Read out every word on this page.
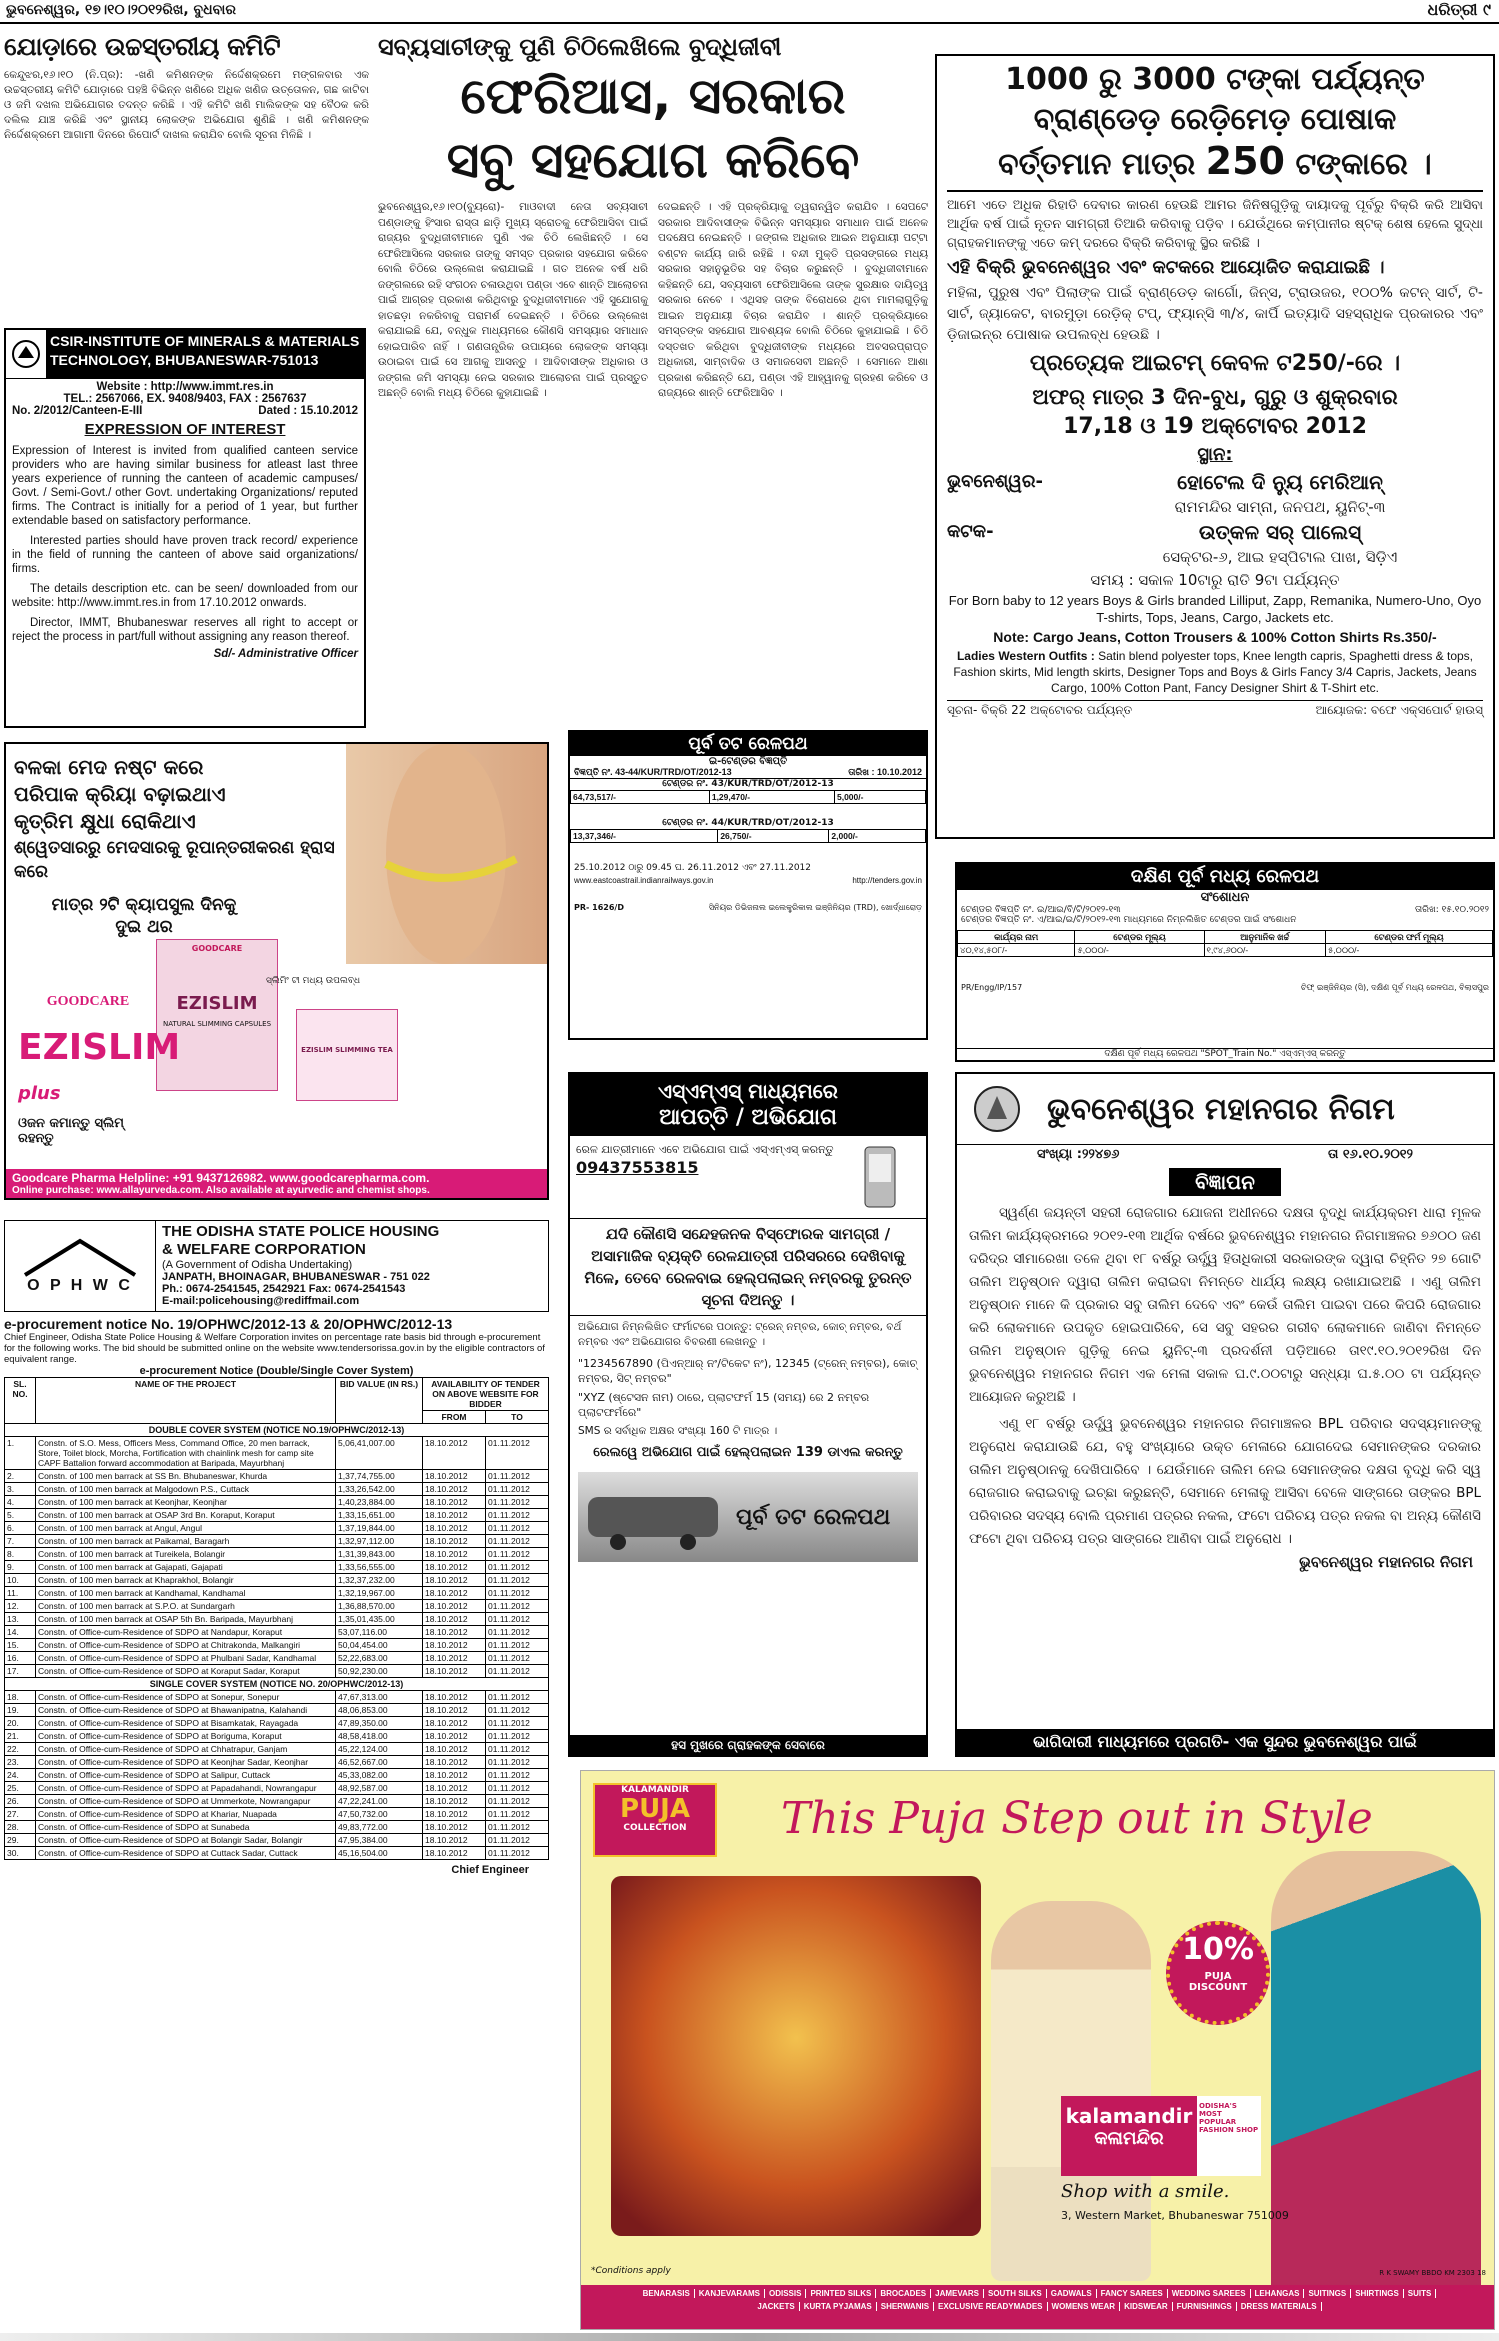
ଭୁବନେଶ୍ୱର, ୧୭।୧୦।୨୦୧୨ରିଖ, ବୁଧବାର	ଧରିତ୍ରୀ ୯
ଯୋଡ଼ାରେ ଉଚ୍ଚସ୍ତରୀୟ କମିଟି
କେନ୍ଦୁଝର,୧୬।୧୦ (ନି.ପ୍ର): -ଖଣି କମିଶନଙ୍କ ନିର୍ଦ୍ଦେଶକ୍ରମେ ମଙ୍ଗଳବାର ଏକ ଉଚ୍ଚସ୍ତରୀୟ କମିଟି ଯୋଡ଼ାରେ ପହଞ୍ଚି ବିଭିନ୍ନ ଖଣିରେ ଅଧିକ ଖଣିଜ ଉତ୍ତୋଳନ, ଗଛ କାଟିବା ଓ ଜମି ଦଖଲ ଅଭିଯୋଗର ତଦନ୍ତ କରିଛି । ଏହି କମିଟି ଖଣି ମାଲିକଙ୍କ ସହ ବୈଠକ କରି ଦଲିଲ ଯାଞ୍ଚ କରିଛି ଏବଂ ସ୍ଥାନୀୟ ଲୋକଙ୍କ ଅଭିଯୋଗ ଶୁଣିଛି । ଖଣି କମିଶନଙ୍କ ନିର୍ଦ୍ଦେଶକ୍ରମେ ଆଗାମୀ ଦିନରେ ରିପୋର୍ଟ ଦାଖଲ କରାଯିବ ବୋଲି ସୂଚନା ମିଳିଛି ।
CSIR-INSTITUTE OF MINERALS & MATERIALS
TECHNOLOGY, BHUBANESWAR-751013
Website : http://www.immt.res.in
TEL.: 2567066, EX. 9408/9403, FAX : 2567637
No. 2/2012/Canteen-E-III	Dated : 15.10.2012
EXPRESSION OF INTEREST

Expression of Interest is invited from qualified canteen service providers who are having similar business for atleast last three years experience of running the canteen of academic campuses/ Govt. / Semi-Govt./ other Govt. undertaking Organizations/ reputed firms. The Contract is initially for a period of 1 year, but further extendable based on satisfactory performance.

Interested parties should have proven track record/ experience in the field of running the canteen of above said organizations/ firms.

The details description etc. can be seen/ downloaded from our website: http://www.immt.res.in from 17.10.2012 onwards.

Director, IMMT, Bhubaneswar reserves all right to accept or reject the process in part/full without assigning any reason thereof.

Sd/- Administrative Officer
ସବ୍ୟସାଚୀଙ୍କୁ ପୁଣି ଚିଠିଲେଖିଲେ ବୁଦ୍ଧିଜୀବୀ
ଫେରିଆସ, ସରକାର
ସବୁ ସହଯୋଗ କରିବେ
ଭୁବନେଶ୍ୱର,୧୬।୧୦(ବ୍ୟୁରୋ)- ମାଓବାଦୀ ନେତା ସବ୍ୟସାଚୀ ପଣ୍ଡାଙ୍କୁ ହିଂସାର ରାସ୍ତା ଛାଡ଼ି ମୁଖ୍ୟ ସ୍ରୋତକୁ ଫେରିଆସିବା ପାଇଁ ରାଜ୍ୟର ବୁଦ୍ଧିଜୀବୀମାନେ ପୁଣି ଏକ ଚିଠି ଲେଖିଛନ୍ତି । ସେ ଫେରିଆସିଲେ ସରକାର ତାଙ୍କୁ ସମସ୍ତ ପ୍ରକାର ସହଯୋଗ କରିବେ ବୋଲି ଚିଠିରେ ଉଲ୍ଲେଖ କରାଯାଇଛି । ଗତ ଅନେକ ବର୍ଷ ଧରି ଜଙ୍ଗଲରେ ରହି ସଂଗଠନ ଚଳାଉଥିବା ପଣ୍ଡା ଏବେ ଶାନ୍ତି ଆଲୋଚନା ପାଇଁ ଆଗ୍ରହ ପ୍ରକାଶ କରିଥିବାରୁ ବୁଦ୍ଧିଜୀବୀମାନେ ଏହି ସୁଯୋଗକୁ ହାତଛଡ଼ା ନକରିବାକୁ ପରାମର୍ଶ ଦେଇଛନ୍ତି । ଚିଠିରେ ଉଲ୍ଲେଖ କରାଯାଇଛି ଯେ, ବନ୍ଧୁକ ମାଧ୍ୟମରେ କୌଣସି ସମସ୍ୟାର ସମାଧାନ ହୋଇପାରିବ ନାହିଁ । ଗଣତାନ୍ତ୍ରିକ ଉପାୟରେ ଲୋକଙ୍କ ସମସ୍ୟା ଉଠାଇବା ପାଇଁ ସେ ଆଗକୁ ଆସନ୍ତୁ । ଆଦିବାସୀଙ୍କ ଅଧିକାର ଓ ଜଙ୍ଗଲ ଜମି ସମସ୍ୟା ନେଇ ସରକାର ଆଲୋଚନା ପାଇଁ ପ୍ରସ୍ତୁତ ଅଛନ୍ତି ବୋଲି ମଧ୍ୟ ଚିଠିରେ କୁହାଯାଇଛି ।
ଦେଇଛନ୍ତି । ଏହି ପ୍ରକ୍ରିୟାକୁ ତ୍ୱରାନ୍ୱିତ କରାଯିବ । ସେପଟେ ସରକାର ଆଦିବାସୀଙ୍କ ବିଭିନ୍ନ ସମସ୍ୟାର ସମାଧାନ ପାଇଁ ଅନେକ ପଦକ୍ଷେପ ନେଇଛନ୍ତି । ଜଙ୍ଗଲ ଅଧିକାର ଆଇନ ଅନୁଯାୟୀ ପଟ୍ଟା ବଣ୍ଟନ କାର୍ଯ୍ୟ ଜାରି ରହିଛି । ବନ୍ଦୀ ମୁକ୍ତି ପ୍ରସଙ୍ଗରେ ମଧ୍ୟ ସରକାର ସହାନୁଭୂତିର ସହ ବିଚାର କରୁଛନ୍ତି । ବୁଦ୍ଧିଜୀବୀମାନେ କହିଛନ୍ତି ଯେ, ସବ୍ୟସାଚୀ ଫେରିଆସିଲେ ତାଙ୍କ ସୁରକ୍ଷାର ଦାୟିତ୍ୱ ସରକାର ନେବେ । ଏଥିସହ ତାଙ୍କ ବିରୋଧରେ ଥିବା ମାମଲାଗୁଡ଼ିକୁ ଆଇନ ଅନୁଯାୟୀ ବିଚାର କରାଯିବ । ଶାନ୍ତି ପ୍ରକ୍ରିୟାରେ ସମସ୍ତଙ୍କ ସହଯୋଗ ଆବଶ୍ୟକ ବୋଲି ଚିଠିରେ କୁହାଯାଇଛି । ଚିଠି ଦସ୍ତଖତ କରିଥିବା ବୁଦ୍ଧିଜୀବୀଙ୍କ ମଧ୍ୟରେ ଅବସରପ୍ରାପ୍ତ ଅଧିକାରୀ, ସାମ୍ବାଦିକ ଓ ସମାଜସେବୀ ଅଛନ୍ତି । ସେମାନେ ଆଶା ପ୍ରକାଶ କରିଛନ୍ତି ଯେ, ପଣ୍ଡା ଏହି ଆହ୍ୱାନକୁ ଗ୍ରହଣ କରିବେ ଓ ରାଜ୍ୟରେ ଶାନ୍ତି ଫେରିଆସିବ ।
1000 ରୁ 3000 ଟଙ୍କା ପର୍ଯ୍ୟନ୍ତ
ବ୍ରାଣ୍ଡେଡ଼ ରେଡ଼ିମେଡ଼ ପୋଷାକ
ବର୍ତ୍ତମାନ ମାତ୍ର 250 ଟଙ୍କାରେ ।
ଆମେ ଏତେ ଅଧିକ ରିହାତି ଦେବାର କାରଣ ହେଉଛି ଆମର ଜିନିଷଗୁଡ଼ିକୁ ଦାୟାଦକୁ ପୂର୍ବରୁ ବିକ୍ରି କରି ଆସିବା ଆର୍ଥିକ ବର୍ଷ ପାଇଁ ନୂତନ ସାମଗ୍ରୀ ତିଆରି କରିବାକୁ ପଡ଼ିବ । ଯେଉଁଥିରେ କମ୍ପାନୀର ଷ୍ଟକ୍ ଶେଷ ହେଲେ ସୁଦ୍ଧା ଗ୍ରାହକମାନଙ୍କୁ ଏତେ କମ୍ ଦରରେ ବିକ୍ରି କରିବାକୁ ସ୍ଥିର କରିଛି ।
ଏହି ବିକ୍ରି ଭୁବନେଶ୍ୱର ଏବଂ କଟକରେ ଆୟୋଜିତ କରାଯାଇଛି ।
ମହିଳା, ପୁରୁଷ ଏବଂ ପିଲାଙ୍କ ପାଇଁ ବ୍ରାଣ୍ଡେଡ଼ କାର୍ଗୋ, ଜିନ୍ସ, ଟ୍ରାଉଜର, ୧୦୦% କଟନ୍ ସାର୍ଟ, ଟି-ସାର୍ଟ, ଜ୍ୟାକେଟ, ବାରମୁଡ଼ା ରେଡ଼ିକ୍ ଟପ୍, ଫ୍ୟାନ୍ସି ୩/୪, କାର୍ପି ଇତ୍ୟାଦି ସହସ୍ରାଧିକ ପ୍ରକାରର ଏବଂ ଡ଼ିଜାଇନ୍‌ର ପୋଷାକ ଉପଲବ୍ଧ ହେଉଛି ।
ପ୍ରତ୍ୟେକ ଆଇଟମ୍ କେବଳ ଟ250/-ରେ ।
ଅଫର୍ ମାତ୍ର 3 ଦିନ-ବୁଧ, ଗୁରୁ ଓ ଶୁକ୍ରବାର
17,18 ଓ 19 ଅକ୍ଟୋବର 2012
ସ୍ଥାନ:
ଭୁବନେଶ୍ୱର-	ହୋଟେଲ ଦି ନ୍ୟୁ ମେରିଆନ୍
ରାମମନ୍ଦିର ସାମ୍ନା, ଜନପଥ, ୟୁନିଟ୍-୩
କଟକ-	ଉତ୍କଳ ସର୍ ପାଲେସ୍
ସେକ୍ଟର-୬, ଆଇ ହସ୍ପିଟାଲ ପାଖ, ସିଡ଼ିଏ
ସମୟ : ସକାଳ 10ଟାରୁ ରାତି 9ଟା ପର୍ଯ୍ୟନ୍ତ
For Born baby to 12 years Boys & Girls branded Lilliput, Zapp, Remanika, Numero-Uno, Oyo T-shirts, Tops, Jeans, Cargo, Jackets etc.
Note: Cargo Jeans, Cotton Trousers & 100% Cotton Shirts Rs.350/-
Ladies Western Outfits : Satin blend polyester tops, Knee length capris, Spaghetti dress & tops, Fashion skirts, Mid length skirts, Designer Tops and Boys & Girls Fancy 3/4 Capris, Jackets, Jeans Cargo, 100% Cotton Pant, Fancy Designer Shirt & T-Shirt etc.
ସୂଚନା- ବିକ୍ରି 22 ଅକ୍ଟୋବର ପର୍ଯ୍ୟନ୍ତ	ଆୟୋଜକ: ବଫେ ଏକ୍ସପୋର୍ଟ ହାଉସ୍
ବଳକା ମେଦ ନଷ୍ଟ କରେ
ପରିପାକ କ୍ରିୟା ବଢ଼ାଇଥାଏ
କୃତ୍ରିମ କ୍ଷୁଧା ରୋକିଥାଏ
ଶ୍ୱେତସାରରୁ ମେଦସାରକୁ ରୂପାନ୍ତରୀକରଣ ହ୍ରାସ କରେ
ମାତ୍ର ୨ଟି କ୍ୟାପସୁଲ ଦିନକୁ ଦୁଇ ଥର
GOODCARE
EZISLIM
NATURAL SLIMMING CAPSULES
EZISLIM SLIMMING TEA
ସ୍ଲିମିଂ ଟୀ ମଧ୍ୟ ଉପଲବ୍ଧ
GOODCARE
EZISLIM plus
ଓଜନ କମାନ୍ତୁ ସ୍ଲିମ୍ ରହନ୍ତୁ
Goodcare Pharma Helpline: +91 9437126982. www.goodcarepharma.com.
Online purchase: www.allayurveda.com. Also available at ayurvedic and chemist shops.
ପୂର୍ବ ତଟ ରେଳପଥ
ଇ-ଟେଣ୍ଡର ବିଜ୍ଞପ୍ତି
ବିଜ୍ଞପ୍ତି ନଂ. 43-44/KUR/TRD/OT/2012-13	ତାରିଖ : 10.10.2012
ଟେଣ୍ଡର ନଂ. 43/KUR/TRD/OT/2012-13
64,73,517/-	1,29,470/-	5,000/-
ଟେଣ୍ଡର ନଂ. 44/KUR/TRD/OT/2012-13
13,37,346/-	26,750/-	2,000/-
25.10.2012 ଠାରୁ 09.45 ଘ. 26.11.2012 ଏବଂ 27.11.2012
www.eastcoastrail.indianrailways.gov.in	http://tenders.gov.in
PR- 1626/D	ସିନିୟର ଡିଭିଜନାଲ ଇଲେକ୍ଟ୍ରିକାଲ ଇଞ୍ଜିନିୟର (TRD), ଖୋର୍ଦ୍ଧାରୋଡ଼
ଦକ୍ଷିଣ ପୂର୍ବ ମଧ୍ୟ ରେଳପଥ
ସଂଶୋଧନ
ଟେଣ୍ଡର ବିଜ୍ଞପ୍ତି ନଂ. ଇ/ଆଇ/ବି/ଟି/୨୦୧୨-୧୩	ତାରିଖ: ୧୫.୧୦.୨୦୧୨
ଟେଣ୍ଡର ବିଜ୍ଞପ୍ତି ନଂ. ଏ/ଆଇ/ଇ/ଟି/୨୦୧୨-୧୩ ମାଧ୍ୟମରେ ନିମ୍ନଲିଖିତ ଟେଣ୍ଡର ପାଇଁ ସଂଶୋଧନ
କାର୍ଯ୍ୟର ନାମ	ଟେଣ୍ଡର ମୂଲ୍ୟ	ଆନୁମାନିକ ଖର୍ଚ୍ଚ	ଟେଣ୍ଡର ଫର୍ମ ମୂଲ୍ୟ
୪୦,୧୪,୫୦୮/-	୫,୦୦୦/-	୧,୯୪,୬୦୦/-	୫,୦୦୦/-
PR/Engg/IP/157	ଚିଫ୍ ଇଞ୍ଜିନିୟର (ସି), ଦକ୍ଷିଣ ପୂର୍ବ ମଧ୍ୟ ରେଳପଥ, ବିଲାସପୁର
ଦକ୍ଷିଣ ପୂର୍ବ ମଧ୍ୟ ରେଳପଥ "SPOT_Train No." ଏସ୍‌ଏମ୍‌ଏସ୍ କରନ୍ତୁ
ଏସ୍‌ଏମ୍‌ଏସ୍ ମାଧ୍ୟମରେ
ଆପତ୍ତି / ଅଭିଯୋଗ
ରେଳ ଯାତ୍ରୀମାନେ ଏବେ ଅଭିଯୋଗ ପାଇଁ ଏସ୍‌ଏମ୍‌ଏସ୍ କରନ୍ତୁ
09437553815
ଯଦି କୌଣସି ସନ୍ଦେହଜନକ ବିସ୍ଫୋରକ ସାମଗ୍ରୀ / ଅସାମାଜିକ ବ୍ୟକ୍ତି ରେଳଯାତ୍ରୀ ପରିସରରେ ଦେଖିବାକୁ ମିଳେ, ତେବେ ରେଳବାଇ ହେଲ୍ପଲାଇନ୍ ନମ୍ବରକୁ ତୁରନ୍ତ ସୂଚନା ଦିଅନ୍ତୁ ।
ଅଭିଯୋଗ ନିମ୍ନଲିଖିତ ଫର୍ମାଟରେ ପଠାନ୍ତୁ: ଟ୍ରେନ୍ ନମ୍ବର, କୋଚ୍ ନମ୍ବର, ବର୍ଥ ନମ୍ବର ଏବଂ ଅଭିଯୋଗର ବିବରଣୀ ଲେଖନ୍ତୁ ।
"1234567890 (ପିଏନ୍‌ଆର୍ ନଂ/ଟିକେଟ ନଂ), 12345 (ଟ୍ରେନ୍ ନମ୍ବର), କୋଚ୍ ନମ୍ବର, ସିଟ୍ ନମ୍ବର"
"XYZ (ଷ୍ଟେସନ ନାମ) ଠାରେ, ପ୍ଲାଟଫର୍ମ 15 (ସମୟ) ରେ 2 ନମ୍ବର ପ୍ଲାଟଫର୍ମରେ"
SMS ର ସର୍ବାଧିକ ଅକ୍ଷର ସଂଖ୍ୟା 160 ଟି ମାତ୍ର ।
ରେଲୱେ ଅଭିଯୋଗ ପାଇଁ ହେଲ୍ପଲାଇନ 139 ଡାଏଲ କରନ୍ତୁ
ପୂର୍ବ ତଟ ରେଳପଥ
ହସ ମୁଖରେ ଗ୍ରାହକଙ୍କ ସେବାରେ
ଭୁବନେଶ୍ୱର ମହାନଗର ନିଗମ
ସଂଖ୍ୟା :୨୨୪୭୬	ତା ୧୬.୧୦.୨୦୧୨
ବିଜ୍ଞାପନ
ସ୍ୱର୍ଣ୍ଣ ଜୟନ୍ତୀ ସହରୀ ରୋଜଗାର ଯୋଜନା ଅଧୀନରେ ଦକ୍ଷତା ବୃଦ୍ଧି କାର୍ଯ୍ୟକ୍ରମ ଧାରା ମୂଳକ ତାଲିମ କାର୍ଯ୍ୟକ୍ରମରେ ୨୦୧୨-୧୩ ଆର୍ଥିକ ବର୍ଷରେ ଭୁବନେଶ୍ୱର ମହାନଗର ନିଗମାଞ୍ଚଳର ୭୬୦୦ ଜଣ ଦରିଦ୍ର ସୀମାରେଖା ତଳେ ଥିବା ୧୮ ବର୍ଷରୁ ଊର୍ଦ୍ଧ୍ୱ ହିତାଧିକାରୀ ସରକାରଙ୍କ ଦ୍ୱାରା ଚିହ୍ନିତ ୨୭ ଗୋଟି ତାଲିମ ଅନୁଷ୍ଠାନ ଦ୍ୱାରା ତାଲିମ କରାଇବା ନିମନ୍ତେ ଧାର୍ଯ୍ୟ ଲକ୍ଷ୍ୟ ରଖାଯାଇଅଛି । ଏଣୁ ତାଲିମ ଅନୁଷ୍ଠାନ ମାନେ କି ପ୍ରକାର ସବୁ ତାଲିମ ଦେବେ ଏବଂ କେଉଁ ତାଲିମ ପାଇବା ପରେ କିପରି ରୋଜଗାର କରି ଲୋକମାନେ ଉପକୃତ ହୋଇପାରିବେ, ସେ ସବୁ ସହରର ଗରୀବ ଲୋକମାନେ ଜାଣିବା ନିମନ୍ତେ ତାଲିମ ଅନୁଷ୍ଠାନ ଗୁଡ଼ିକୁ ନେଇ ୟୁନିଟ୍-୩ ପ୍ରଦର୍ଶନୀ ପଡ଼ିଆରେ ତା୧୯.୧୦.୨୦୧୨ରିଖ ଦିନ ଭୁବନେଶ୍ୱର ମହାନଗର ନିଗମ ଏକ ମେଳା ସକାଳ ଘ.୯.୦୦ଟାରୁ ସନ୍ଧ୍ୟା ଘ.୫.୦୦ ଟା ପର୍ଯ୍ୟନ୍ତ ଆୟୋଜନ କରୁଅଛି ।
ଏଣୁ ୧୮ ବର୍ଷରୁ ଊର୍ଦ୍ଧ୍ୱ ଭୁବନେଶ୍ୱର ମହାନଗର ନିଗମାଞ୍ଚଳର BPL ପରିବାର ସଦସ୍ୟମାନଙ୍କୁ ଅନୁରୋଧ କରାଯାଉଛି ଯେ, ବହୁ ସଂଖ୍ୟାରେ ଉକ୍ତ ମେଳାରେ ଯୋଗଦେଇ ସେମାନଙ୍କର ଦରକାର ତାଲିମ ଅନୁଷ୍ଠାନକୁ ଦେଖିପାରିବେ । ଯେଉଁମାନେ ତାଲିମ ନେଇ ସେମାନଙ୍କର ଦକ୍ଷତା ବୃଦ୍ଧି କରି ସ୍ୱ ରୋଜଗାର କରାଇବାକୁ ଇଚ୍ଛା କରୁଛନ୍ତି, ସେମାନେ ମେଳାକୁ ଆସିବା ବେଳେ ସାଙ୍ଗରେ ତାଙ୍କର BPL ପରିବାରର ସଦସ୍ୟ ବୋଲି ପ୍ରମାଣ ପତ୍ରର ନକଲ, ଫଟୋ ପରିଚୟ ପତ୍ର ନକଲ ବା ଅନ୍ୟ କୌଣସି ଫଟୋ ଥିବା ପରିଚୟ ପତ୍ର ସାଙ୍ଗରେ ଆଣିବା ପାଇଁ ଅନୁରୋଧ ।
ଭୁବନେଶ୍ୱର ମହାନଗର ନିଗମ
ଭାଗିଦାରୀ ମାଧ୍ୟମରେ ପ୍ରଗତି- ଏକ ସୁନ୍ଦର ଭୁବନେଶ୍ୱର ପାଇଁ
O P H W C
THE ODISHA STATE POLICE HOUSING
& WELFARE CORPORATION
(A Government of Odisha Undertaking)
JANPATH, BHOINAGAR, BHUBANESWAR - 751 022
Ph.: 0674-2541545, 2542921 Fax: 0674-2541543
E-mail:policehousing@rediffmail.com
e-procurement notice No. 19/OPHWC/2012-13 & 20/OPHWC/2012-13
Chief Engineer, Odisha State Police Housing & Welfare Corporation invites on percentage rate basis bid through e-procurement for the following works. The bid should be submitted online on the website www.tendersorissa.gov.in by the eligible contractors of equivalent range.
e-procurement Notice (Double/Single Cover System)
SL. NO.	NAME OF THE PROJECT	BID VALUE (IN RS.)	AVAILABILITY OF TENDER ON ABOVE WEBSITE FOR BIDDER	
			FROM	TO
DOUBLE COVER SYSTEM (NOTICE NO.19/OPHWC/2012-13)				
1.	Constn. of S.O. Mess, Officers Mess, Command Office, 20 men barrack, Store, Toilet block, Morcha, Fortification with chainlink mesh for camp site CAPF Battalion forward accommodation at Baripada, Mayurbhanj	5,06,41,007.00	18.10.2012	01.11.2012
2.	Constn. of 100 men barrack at SS Bn. Bhubaneswar, Khurda	1,37,74,755.00	18.10.2012	01.11.2012
3.	Constn. of 100 men barrack at Malgodown P.S., Cuttack	1,33,26,542.00	18.10.2012	01.11.2012
4.	Constn. of 100 men barrack at Keonjhar, Keonjhar	1,40,23,884.00	18.10.2012	01.11.2012
5.	Constn. of 100 men barrack at OSAP 3rd Bn. Koraput, Koraput	1,33,15,651.00	18.10.2012	01.11.2012
6.	Constn. of 100 men barrack at Angul, Angul	1,37,19,844.00	18.10.2012	01.11.2012
7.	Constn. of 100 men barrack at Paikamal, Baragarh	1,32,97,112.00	18.10.2012	01.11.2012
8.	Constn. of 100 men barrack at Tureikela, Bolangir	1,31,39,843.00	18.10.2012	01.11.2012
9.	Constn. of 100 men barrack at Gajapati, Gajapati	1,33,56,555.00	18.10.2012	01.11.2012
10.	Constn. of 100 men barrack at Khaprakhol, Bolangir	1,32,37,232.00	18.10.2012	01.11.2012
11.	Constn. of 100 men barrack at Kandhamal, Kandhamal	1,32,19,967.00	18.10.2012	01.11.2012
12.	Constn. of 100 men barrack at S.P.O. at Sundargarh	1,36,88,570.00	18.10.2012	01.11.2012
13.	Constn. of 100 men barrack at OSAP 5th Bn. Baripada, Mayurbhanj	1,35,01,435.00	18.10.2012	01.11.2012
14.	Constn. of Office-cum-Residence of SDPO at Nandapur, Koraput	53,07,116.00	18.10.2012	01.11.2012
15.	Constn. of Office-cum-Residence of SDPO at Chitrakonda, Malkangiri	50,04,454.00	18.10.2012	01.11.2012
16.	Constn. of Office-cum-Residence of SDPO at Phulbani Sadar, Kandhamal	52,22,683.00	18.10.2012	01.11.2012
17.	Constn. of Office-cum-Residence of SDPO at Koraput Sadar, Koraput	50,92,230.00	18.10.2012	01.11.2012
SINGLE COVER SYSTEM (NOTICE NO. 20/OPHWC/2012-13)				
18.	Constn. of Office-cum-Residence of SDPO at Sonepur, Sonepur	47,67,313.00	18.10.2012	01.11.2012
19.	Constn. of Office-cum-Residence of SDPO at Bhawanipatna, Kalahandi	48,06,853.00	18.10.2012	01.11.2012
20.	Constn. of Office-cum-Residence of SDPO at Bisamkatak, Rayagada	47,89,350.00	18.10.2012	01.11.2012
21.	Constn. of Office-cum-Residence of SDPO at Boriguma, Koraput	48,58,418.00	18.10.2012	01.11.2012
22.	Constn. of Office-cum-Residence of SDPO at Chhatrapur, Ganjam	45,22,124.00	18.10.2012	01.11.2012
23.	Constn. of Office-cum-Residence of SDPO at Keonjhar Sadar, Keonjhar	46,52,667.00	18.10.2012	01.11.2012
24.	Constn. of Office-cum-Residence of SDPO at Salipur, Cuttack	45,33,082.00	18.10.2012	01.11.2012
25.	Constn. of Office-cum-Residence of SDPO at Papadahandi, Nowrangapur	48,92,587.00	18.10.2012	01.11.2012
26.	Constn. of Office-cum-Residence of SDPO at Ummerkote, Nowrangapur	47,22,241.00	18.10.2012	01.11.2012
27.	Constn. of Office-cum-Residence of SDPO at Khariar, Nuapada	47,50,732.00	18.10.2012	01.11.2012
28.	Constn. of Office-cum-Residence of SDPO at Sunabeda	49,83,772.00	18.10.2012	01.11.2012
29.	Constn. of Office-cum-Residence of SDPO at Bolangir Sadar, Bolangir	47,95,384.00	18.10.2012	01.11.2012
30.	Constn. of Office-cum-Residence of SDPO at Cuttack Sadar, Cuttack	45,16,504.00	18.10.2012	01.11.2012
Chief Engineer
KALAMANDIR
PUJA
COLLECTION	This Puja Step out in Style
10%
PUJA
DISCOUNT
kalamandir
କଳାମନ୍ଦିର
ODISHA'S MOST POPULAR FASHION SHOP
Shop with a smile.
3, Western Market, Bhubaneswar 751009
*Conditions apply	R K SWAMY BBDO KM 2303 18
BENARASIS KANJEVARAMS ODISSIS PRINTED SILKS BROCADES JAMEVARS SOUTH SILKS GADWALS FANCY SAREES WEDDING SAREES LEHANGAS SUITINGS SHIRTINGS SUITS
JACKETS KURTA PYJAMAS SHERWANIS EXCLUSIVE READYMADES WOMENS WEAR KIDSWEAR FURNISHINGS DRESS MATERIALS
